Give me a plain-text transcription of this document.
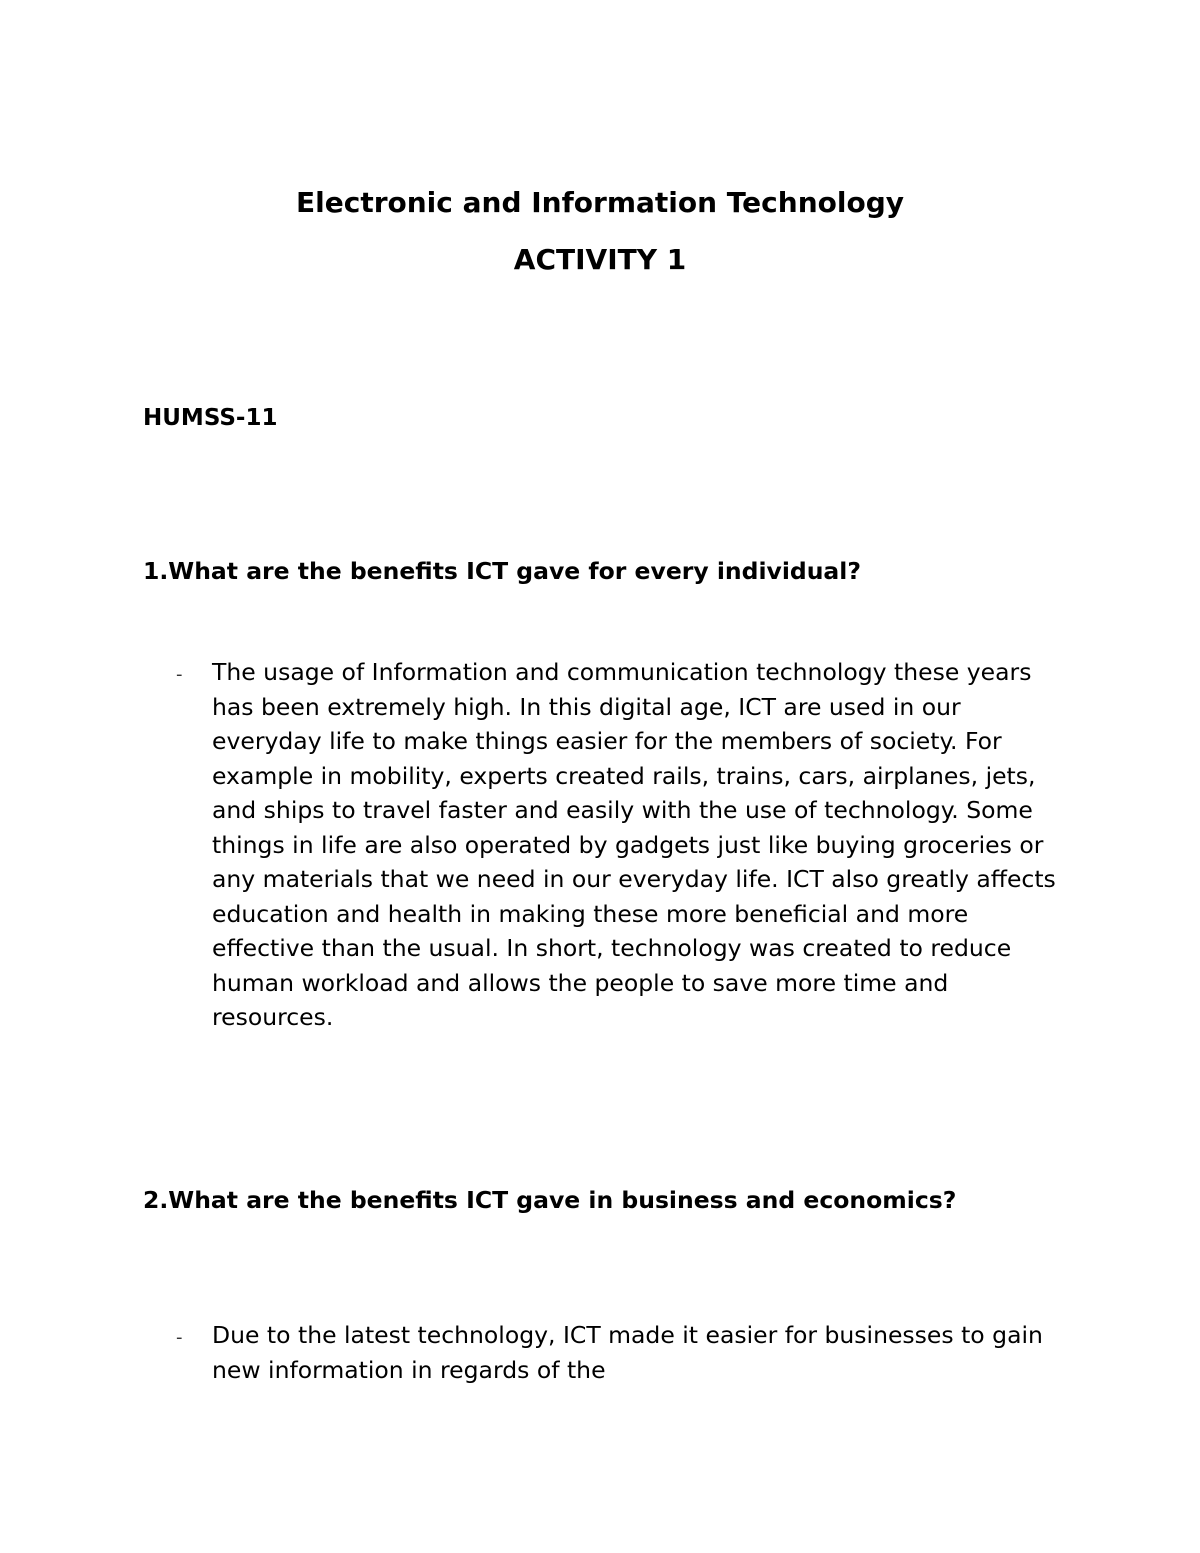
Electronic and Information Technology
ACTIVITY 1

HUMSS-11

1.What are the benefits ICT gave for every individual?

- The usage of Information and communication technology these years has been extremely high. In this digital age, ICT are used in our everyday life to make things easier for the members of society. For example in mobility, experts created rails, trains, cars, airplanes, jets, and ships to travel faster and easily with the use of technology. Some things in life are also operated by gadgets just like buying groceries or any materials that we need in our everyday life. ICT also greatly affects education and health in making these more beneficial and more effective than the usual. In short, technology was created to reduce human workload and allows the people to save more time and resources.

2.What are the benefits ICT gave in business and economics?

- Due to the latest technology, ICT made it easier for businesses to gain new information in regards of the
